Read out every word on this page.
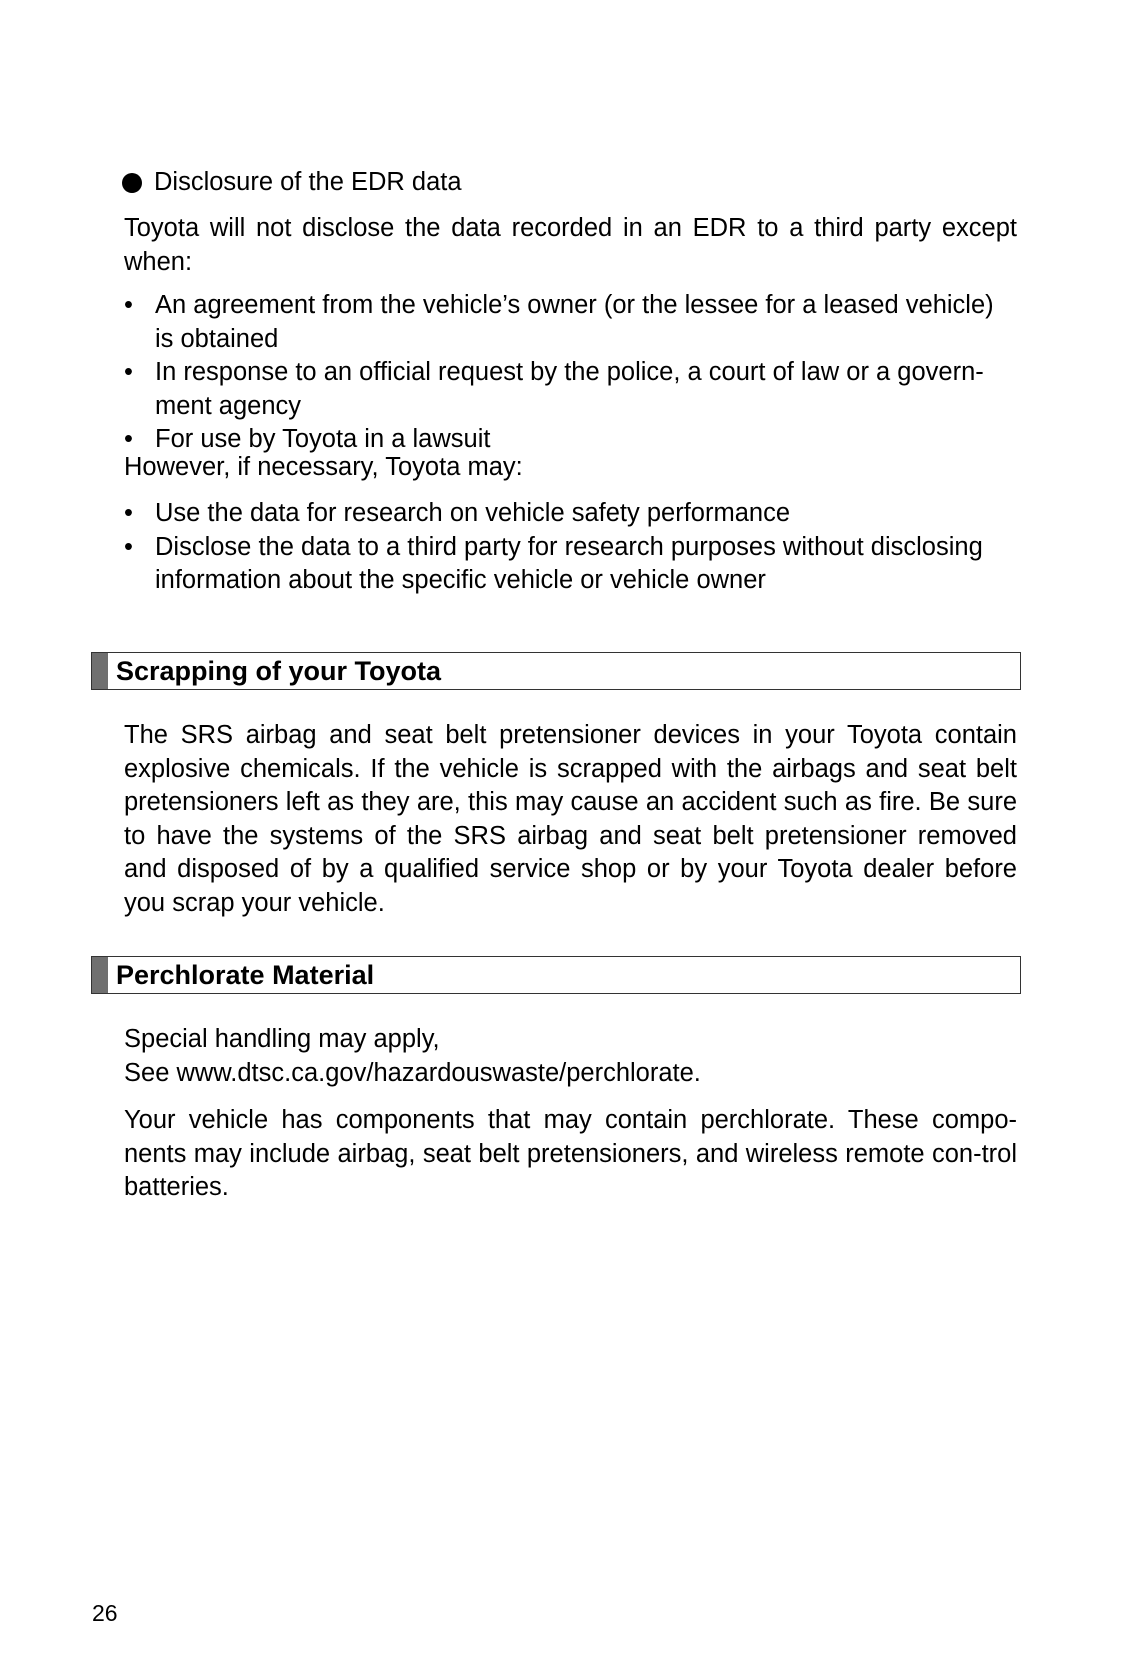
Disclosure of the EDR data
Toyota will not disclose the data recorded in an EDR to a third party except when:
• An agreement from the vehicle’s owner (or the lessee for a leased vehicle) is obtained
• In response to an official request by the police, a court of law or a govern-ment agency
• For use by Toyota in a lawsuit
However, if necessary, Toyota may:
• Use the data for research on vehicle safety performance
• Disclose the data to a third party for research purposes without disclosing information about the specific vehicle or vehicle owner
Scrapping of your Toyota
The SRS airbag and seat belt pretensioner devices in your Toyota contain explosive chemicals. If the vehicle is scrapped with the airbags and seat belt pretensioners left as they are, this may cause an accident such as fire. Be sure to have the systems of the SRS airbag and seat belt pretensioner removed and disposed of by a qualified service shop or by your Toyota dealer before you scrap your vehicle.
Perchlorate Material
Special handling may apply,
See www.dtsc.ca.gov/hazardouswaste/perchlorate.
Your vehicle has components that may contain perchlorate. These compo-nents may include airbag, seat belt pretensioners, and wireless remote con-trol batteries.
26
